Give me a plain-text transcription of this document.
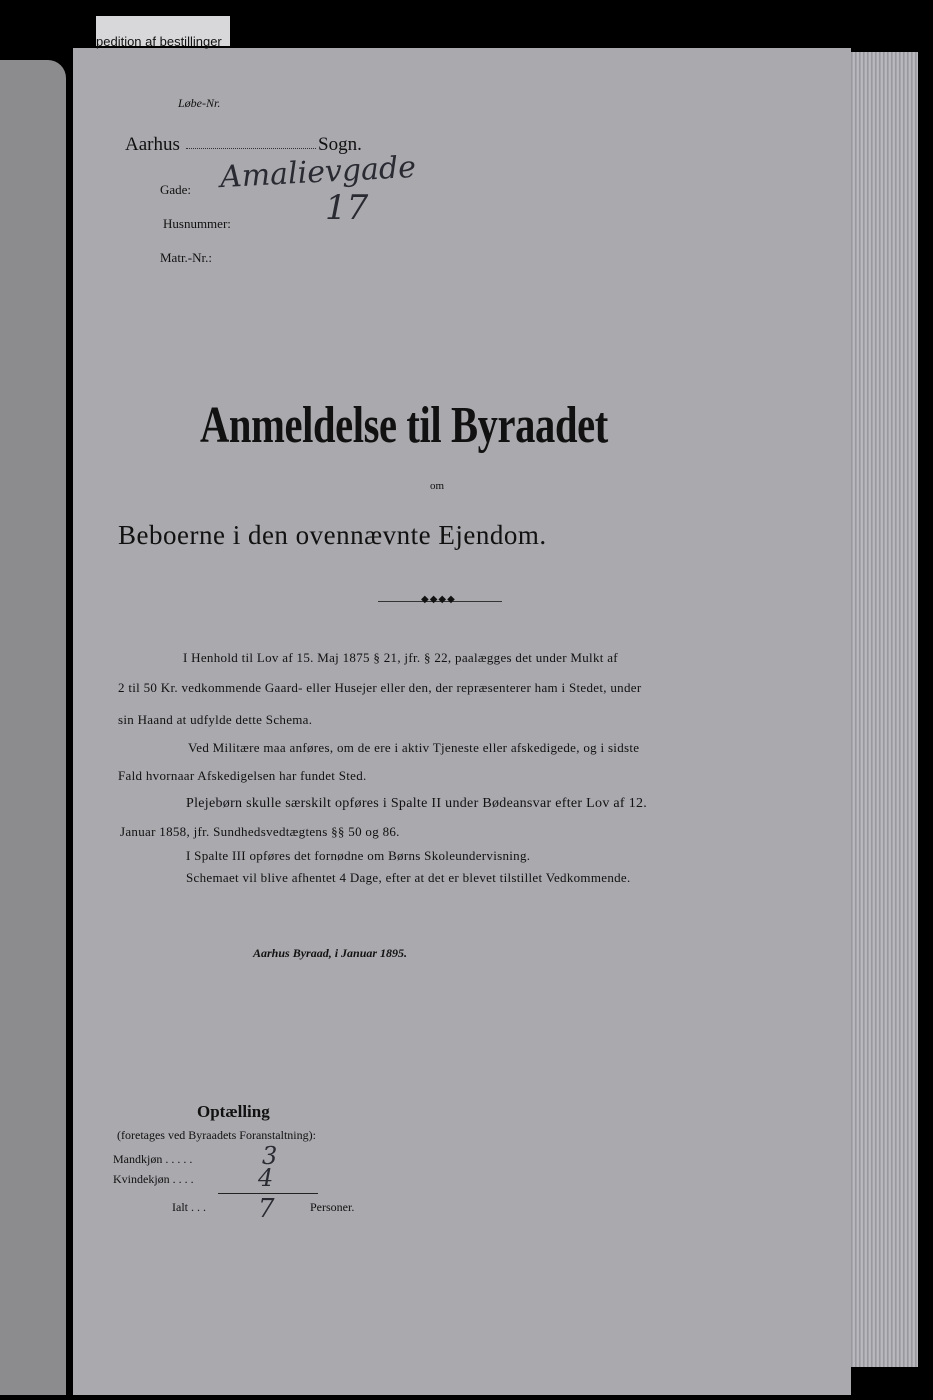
pedition af bestillinger
Løbe-Nr.
Aarhus	Sogn.
Gade: Amalievgade
Husnummer:	17
Matr.-Nr.:
Anmeldelse til Byraadet
om
Beboerne i den ovennævnte Ejendom.
◆◆◆◆
I Henhold til Lov af 15. Maj 1875 § 21, jfr. § 22, paalægges det under Mulkt af
2 til 50 Kr. vedkommende Gaard- eller Husejer eller den, der repræsenterer ham i Stedet, under
sin Haand at udfylde dette Schema.
Ved Militære maa anføres, om de ere i aktiv Tjeneste eller afskedigede, og i sidste
Fald hvornaar Afskedigelsen har fundet Sted.
Plejebørn skulle særskilt opføres i Spalte II under Bødeansvar efter Lov af 12.
Januar 1858, jfr. Sundhedsvedtægtens §§ 50 og 86.
I Spalte III opføres det fornødne om Børns Skoleundervisning.
Schemaet vil blive afhentet 4 Dage, efter at det er blevet tilstillet Vedkommende.
Aarhus Byraad, i Januar 1895.
Optælling
(foretages ved Byraadets Foranstaltning):
Mandkjøn . . . . .	3
Kvindekjøn . . . .	4
Ialt . . . 7	Personer.
